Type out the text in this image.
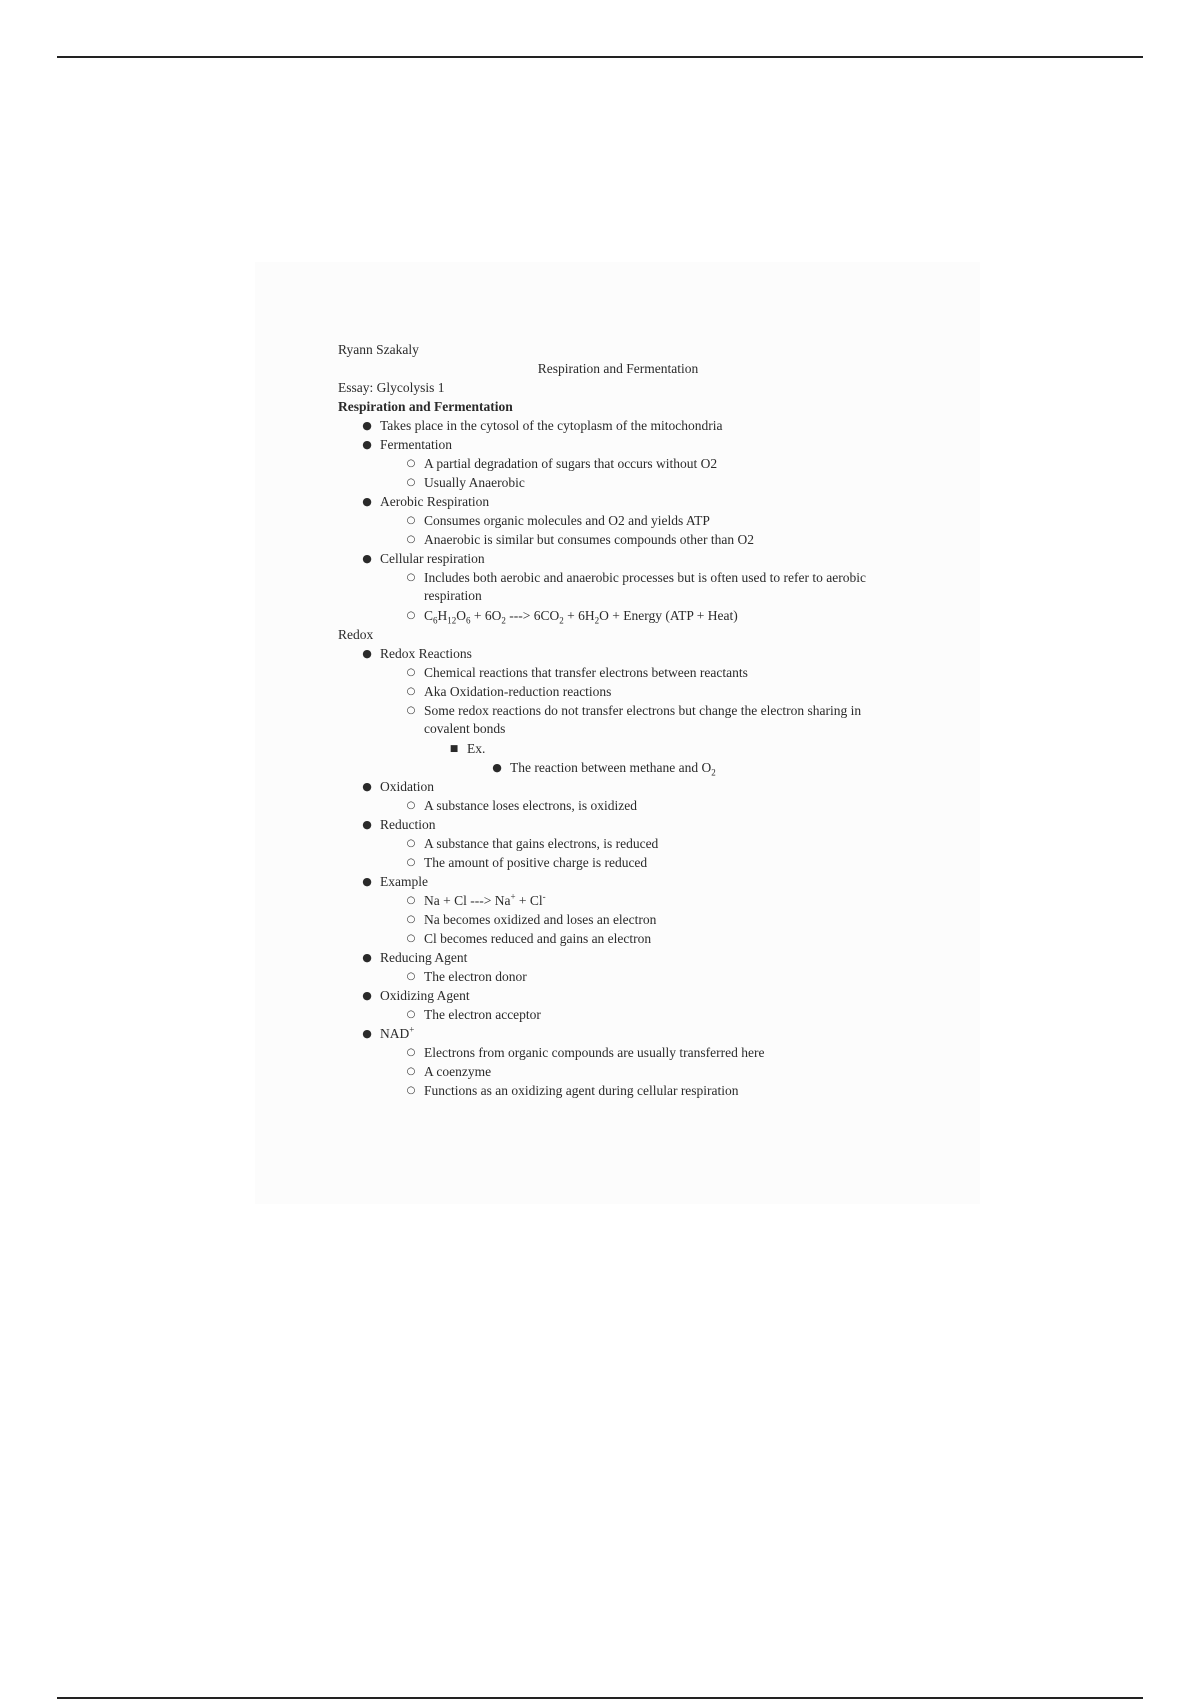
Ryann Szakaly
Respiration and Fermentation
Essay: Glycolysis 1
Respiration and Fermentation
● Takes place in the cytosol of the cytoplasm of the mitochondria
● Fermentation
○ A partial degradation of sugars that occurs without O2
○ Usually Anaerobic
● Aerobic Respiration
○ Consumes organic molecules and O2 and yields ATP
○ Anaerobic is similar but consumes compounds other than O2
● Cellular respiration
○ Includes both aerobic and anaerobic processes but is often used to refer to aerobic respiration
○ $C_6H_{12}O_6 + 6O_2$ ---> $6CO_2 + 6H_2O$ + Energy (ATP + Heat)
Redox
● Redox Reactions
○ Chemical reactions that transfer electrons between reactants
○ Aka Oxidation-reduction reactions
○ Some redox reactions do not transfer electrons but change the electron sharing in covalent bonds
■ Ex.
● The reaction between methane and $O_2$
● Oxidation
○ A substance loses electrons, is oxidized
● Reduction
○ A substance that gains electrons, is reduced
○ The amount of positive charge is reduced
● Example
○ Na + Cl ---> Na+ + Cl-
○ Na becomes oxidized and loses an electron
○ Cl becomes reduced and gains an electron
● Reducing Agent
○ The electron donor
● Oxidizing Agent
○ The electron acceptor
● NAD+
○ Electrons from organic compounds are usually transferred here
○ A coenzyme
○ Functions as an oxidizing agent during cellular respiration
